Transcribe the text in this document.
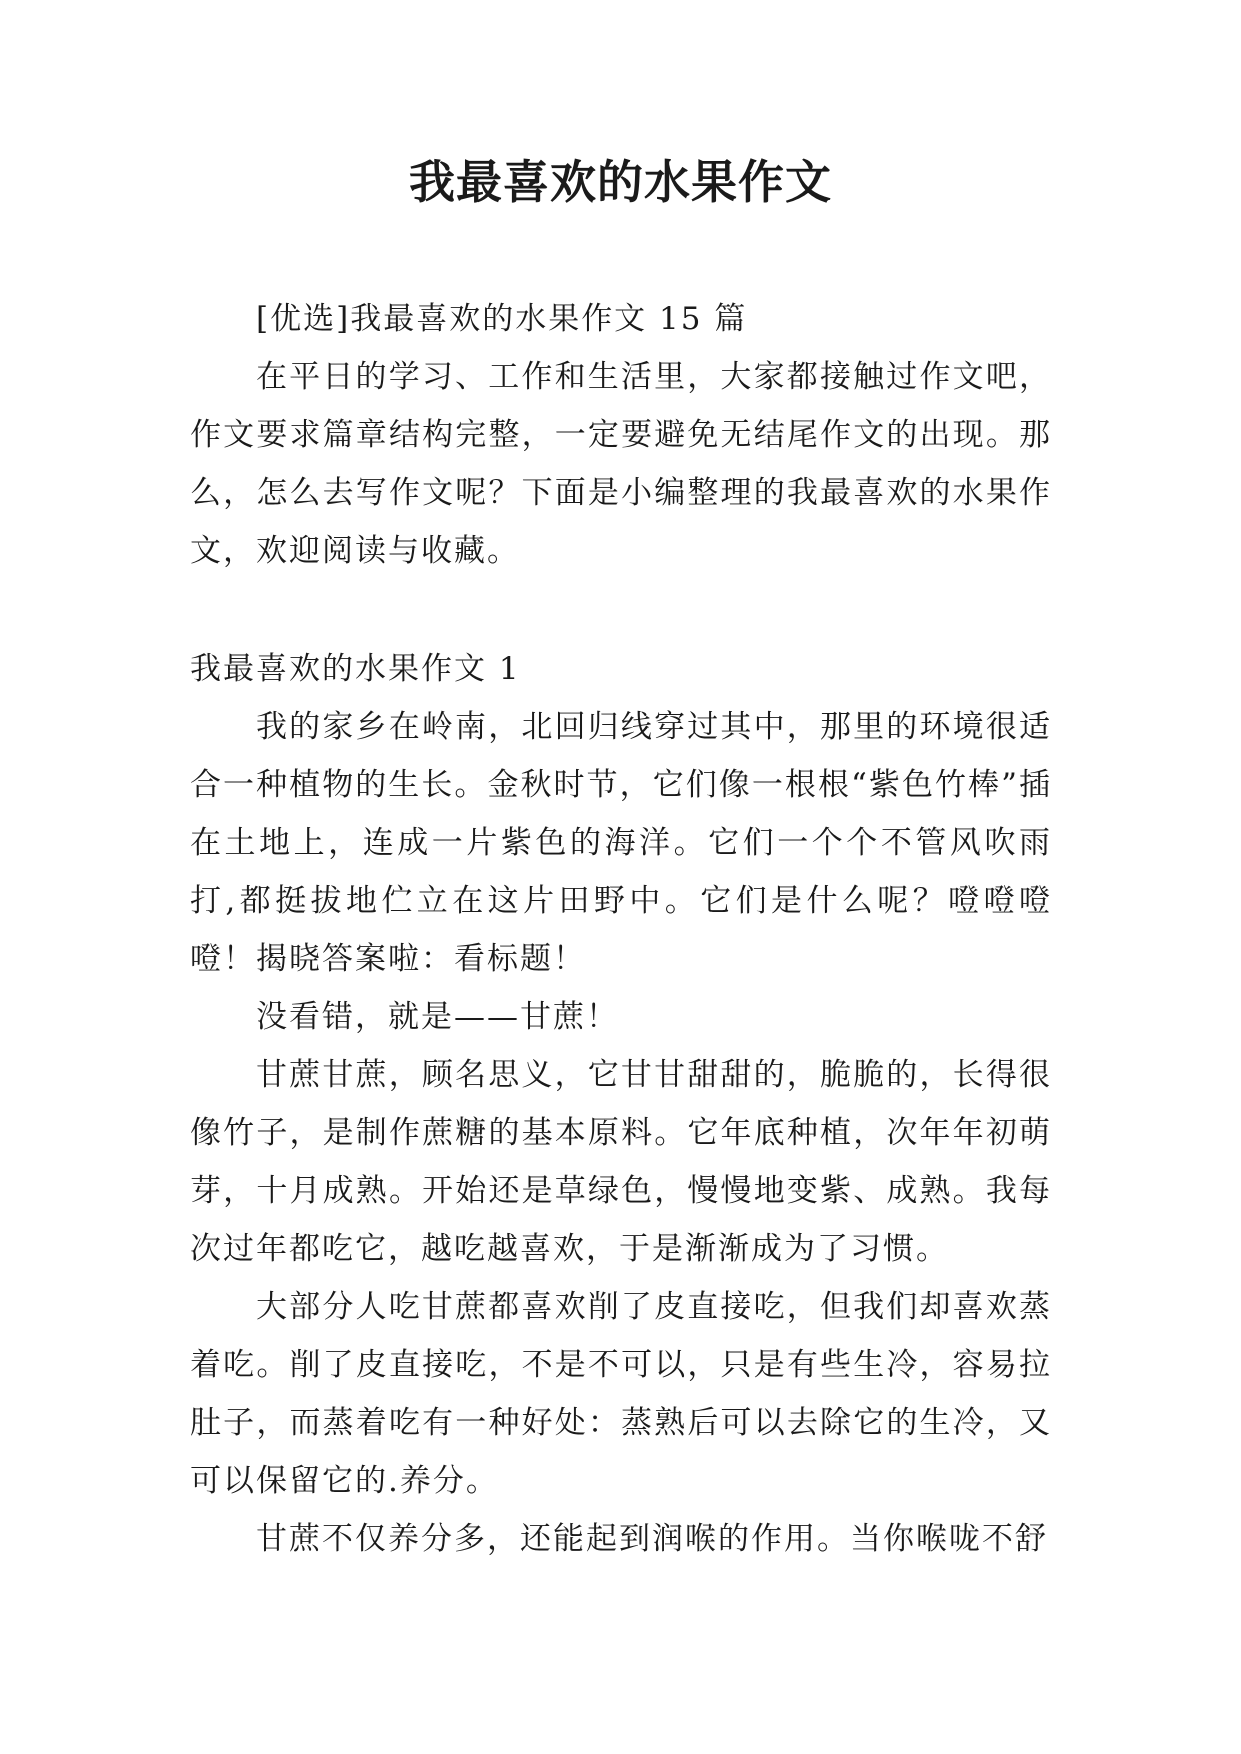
我最喜欢的水果作文

[优选]我最喜欢的水果作文 15 篇

在平日的学习、工作和生活里，大家都接触过作文吧，作文要求篇章结构完整，一定要避免无结尾作文的出现。那么，怎么去写作文呢？下面是小编整理的我最喜欢的水果作文，欢迎阅读与收藏。

我最喜欢的水果作文 1

我的家乡在岭南，北回归线穿过其中，那里的环境很适合一种植物的生长。金秋时节，它们像一根根“紫色竹棒”插在土地上，连成一片紫色的海洋。它们一个个不管风吹雨打,都挺拔地伫立在这片田野中。它们是什么呢？噔噔噔噔！揭晓答案啦：看标题！

没看错，就是——甘蔗！

甘蔗甘蔗，顾名思义，它甘甘甜甜的，脆脆的，长得很像竹子，是制作蔗糖的基本原料。它年底种植，次年年初萌芽，十月成熟。开始还是草绿色，慢慢地变紫、成熟。我每次过年都吃它，越吃越喜欢，于是渐渐成为了习惯。

大部分人吃甘蔗都喜欢削了皮直接吃，但我们却喜欢蒸着吃。削了皮直接吃，不是不可以，只是有些生冷，容易拉肚子，而蒸着吃有一种好处：蒸熟后可以去除它的生冷，又可以保留它的.养分。

甘蔗不仅养分多，还能起到润喉的作用。当你喉咙不舒
